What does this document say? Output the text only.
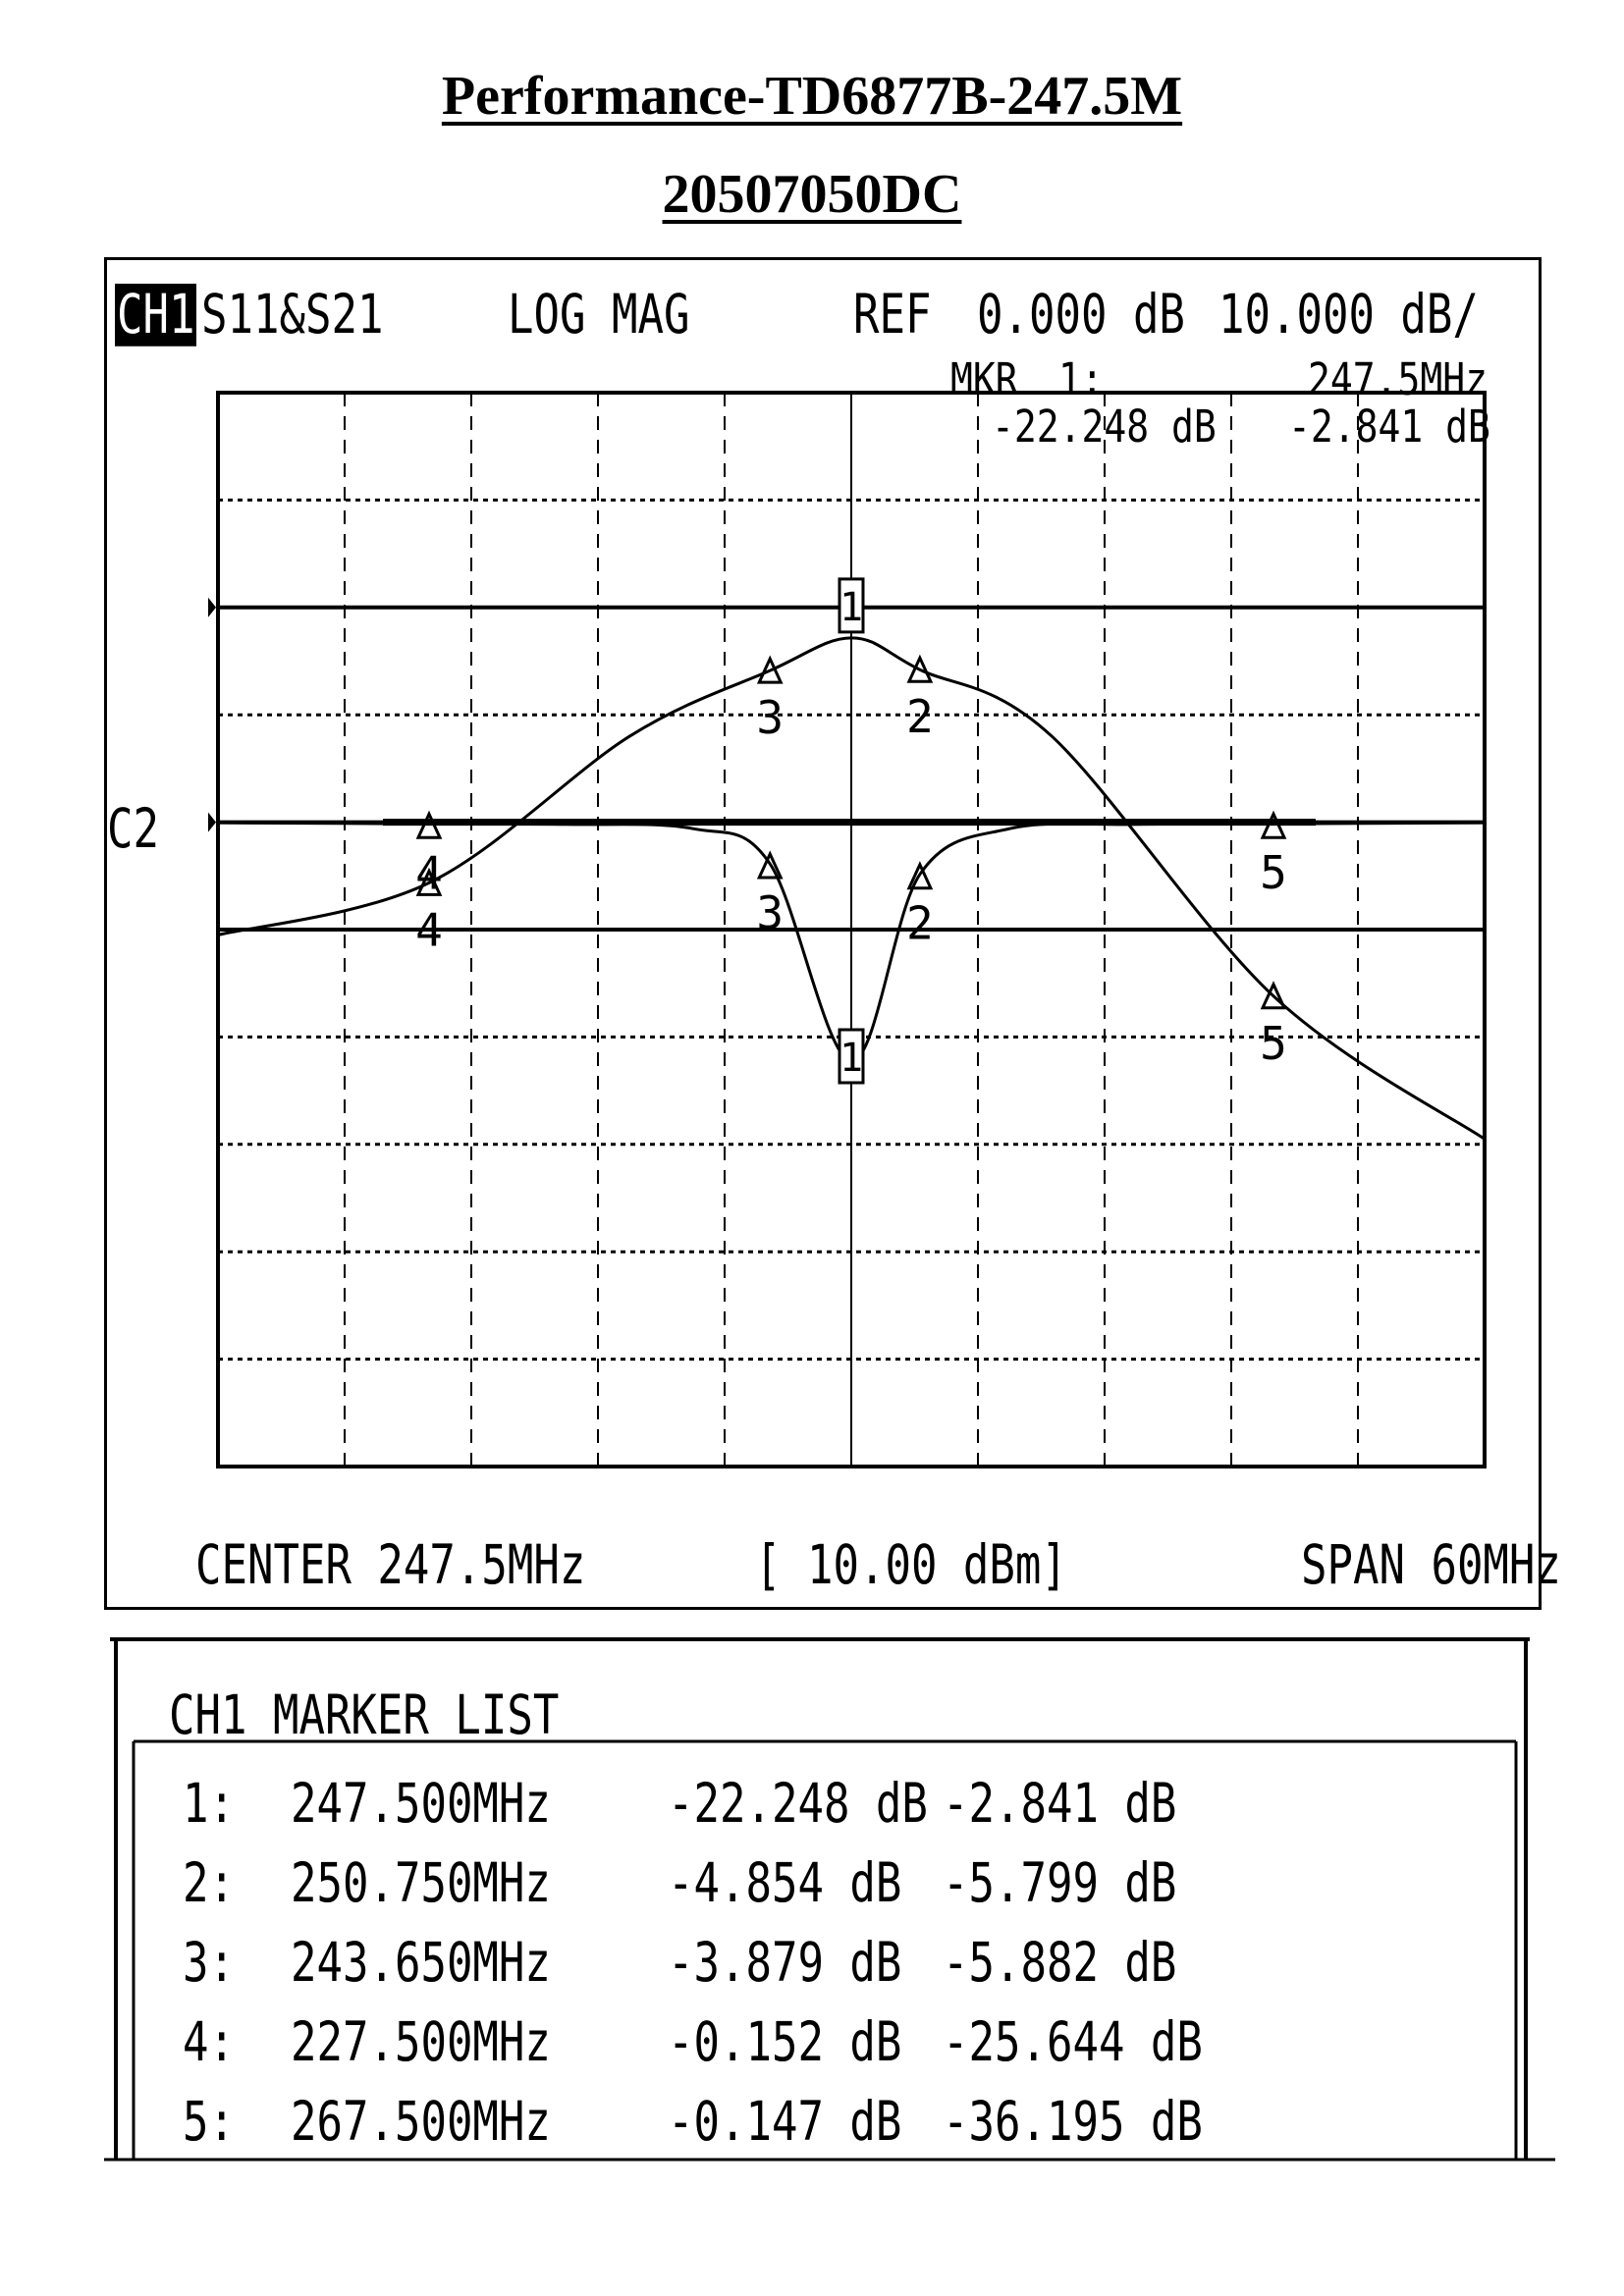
Performance-TD6877B-247.5M
20507050DC
CH1 S11&S21	LOG MAG	REF 0.000 dB 10.000 dB/
C2
CENTER 247.5MHz	[ 10.00 dBm]	SPAN 60MHz
1
2
3
4
5
1
2
3
4	5
MKR 1:	247.5MHz
-22.248 dB -2.841 dB
CH1 MARKER LIST
1: 247.500MHz	-22.248 dB -2.841 dB
2: 250.750MHz	-4.854 dB -5.799 dB
3: 243.650MHz	-3.879 dB -5.882 dB
4: 227.500MHz	-0.152 dB -25.644 dB
5: 267.500MHz	-0.147 dB -36.195 dB
